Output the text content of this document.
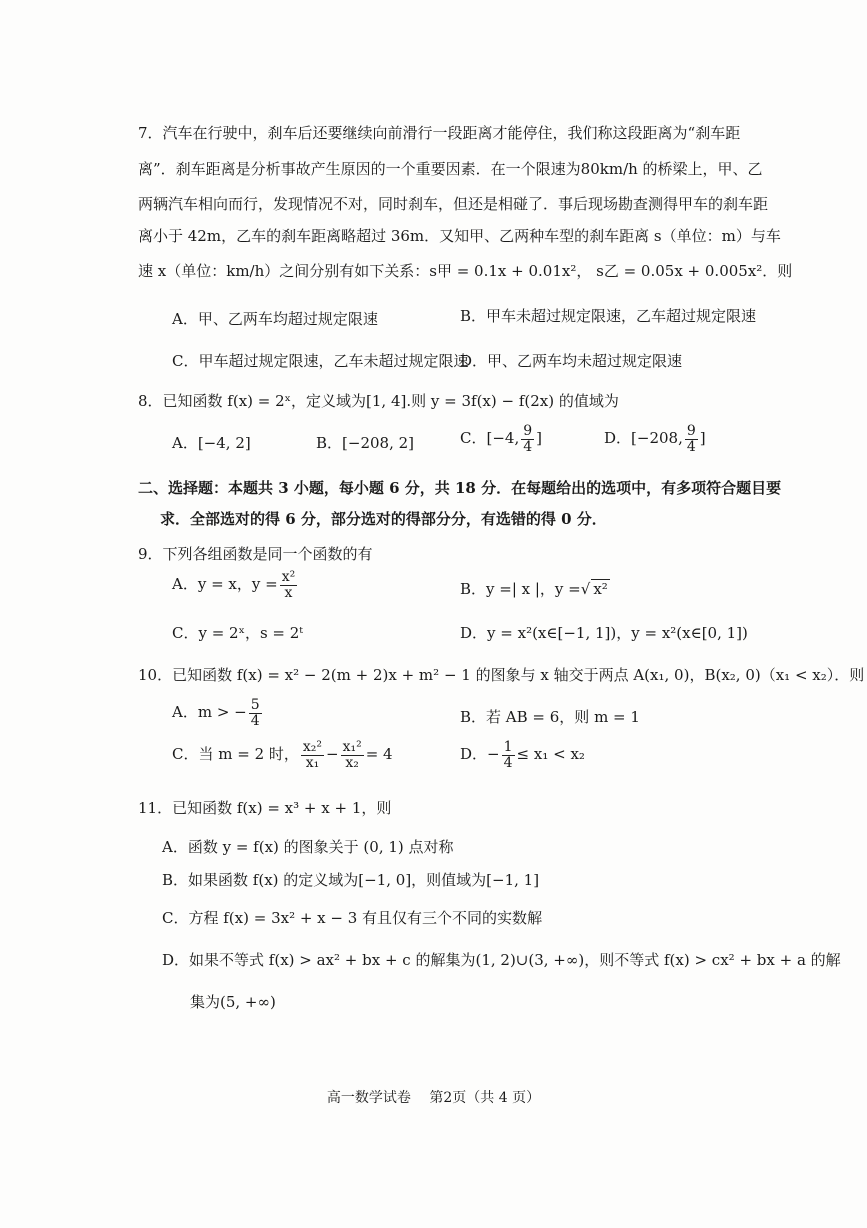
7．汽车在行驶中，刹车后还要继续向前滑行一段距离才能停住，我们称这段距离为“刹车距
离”．刹车距离是分析事故产生原因的一个重要因素．在一个限速为80km/h 的桥梁上，甲、乙
两辆汽车相向而行，发现情况不对，同时刹车，但还是相碰了．事后现场勘查测得甲车的刹车距
离小于 42m，乙车的刹车距离略超过 36m．又知甲、乙两种车型的刹车距离 s（单位：m）与车
速 x（单位：km/h）之间分别有如下关系：s甲 = 0.1x + 0.01x²， s乙 = 0.05x + 0.005x²．则
A．甲、乙两车均超过规定限速	B．甲车未超过规定限速，乙车超过规定限速
C．甲车超过规定限速，乙车未超过规定限速
D．甲、乙两车均未超过规定限速
8．已知函数 f(x) = 2ˣ，定义域为[1, 4].则 y = 3f(x) − f(2x) 的值域为
A．[−4, 2]	B．[−208, 2]	C．[−4, $\frac{9}{4}$ ]	D．[−208, $\frac{9}{4}$ ]
二、选择题：本题共 3 小题，每小题 6 分，共 18 分．在每题给出的选项中，有多项符合题目要
求．全部选对的得 6 分，部分选对的得部分分，有选错的得 0 分．
9．下列各组函数是同一个函数的有
A．y = x，$y = \frac{\text{x²}}{x}$	B．y =| x |，y =√ x²
C．y = 2ˣ，s = 2ᵗ	D．y = x²(x∈[−1, 1])，y = x²(x∈[0, 1])
10．已知函数 f(x) = x² − 2(m + 2)x + m² − 1 的图象与 x 轴交于两点 A(x₁, 0)，B(x₂, 0)（x₁ < x₂）．则
A．m > − $\frac{5}{4}$	B．若 AB = 6，则 m = 1
C．当 m = 2 时， $\frac{\text{x₂²}}{\text{x₁}} - \frac{\text{x₁²}}{\text{x₂}} = 4$	D．− $\frac{1}{4} \le x_1 < x_2$
11．已知函数 f(x) = x³ + x + 1，则
A．函数 y = f(x) 的图象关于 (0, 1) 点对称
B．如果函数 f(x) 的定义域为[−1, 0]，则值域为[−1, 1]
C．方程 f(x) = 3x² + x − 3 有且仅有三个不同的实数解
D．如果不等式 f(x) > ax² + bx + c 的解集为(1, 2)∪(3, +∞)，则不等式 f(x) > cx² + bx + a 的解
集为(5, +∞)
高一数学试卷　 第2页（共 4 页）
